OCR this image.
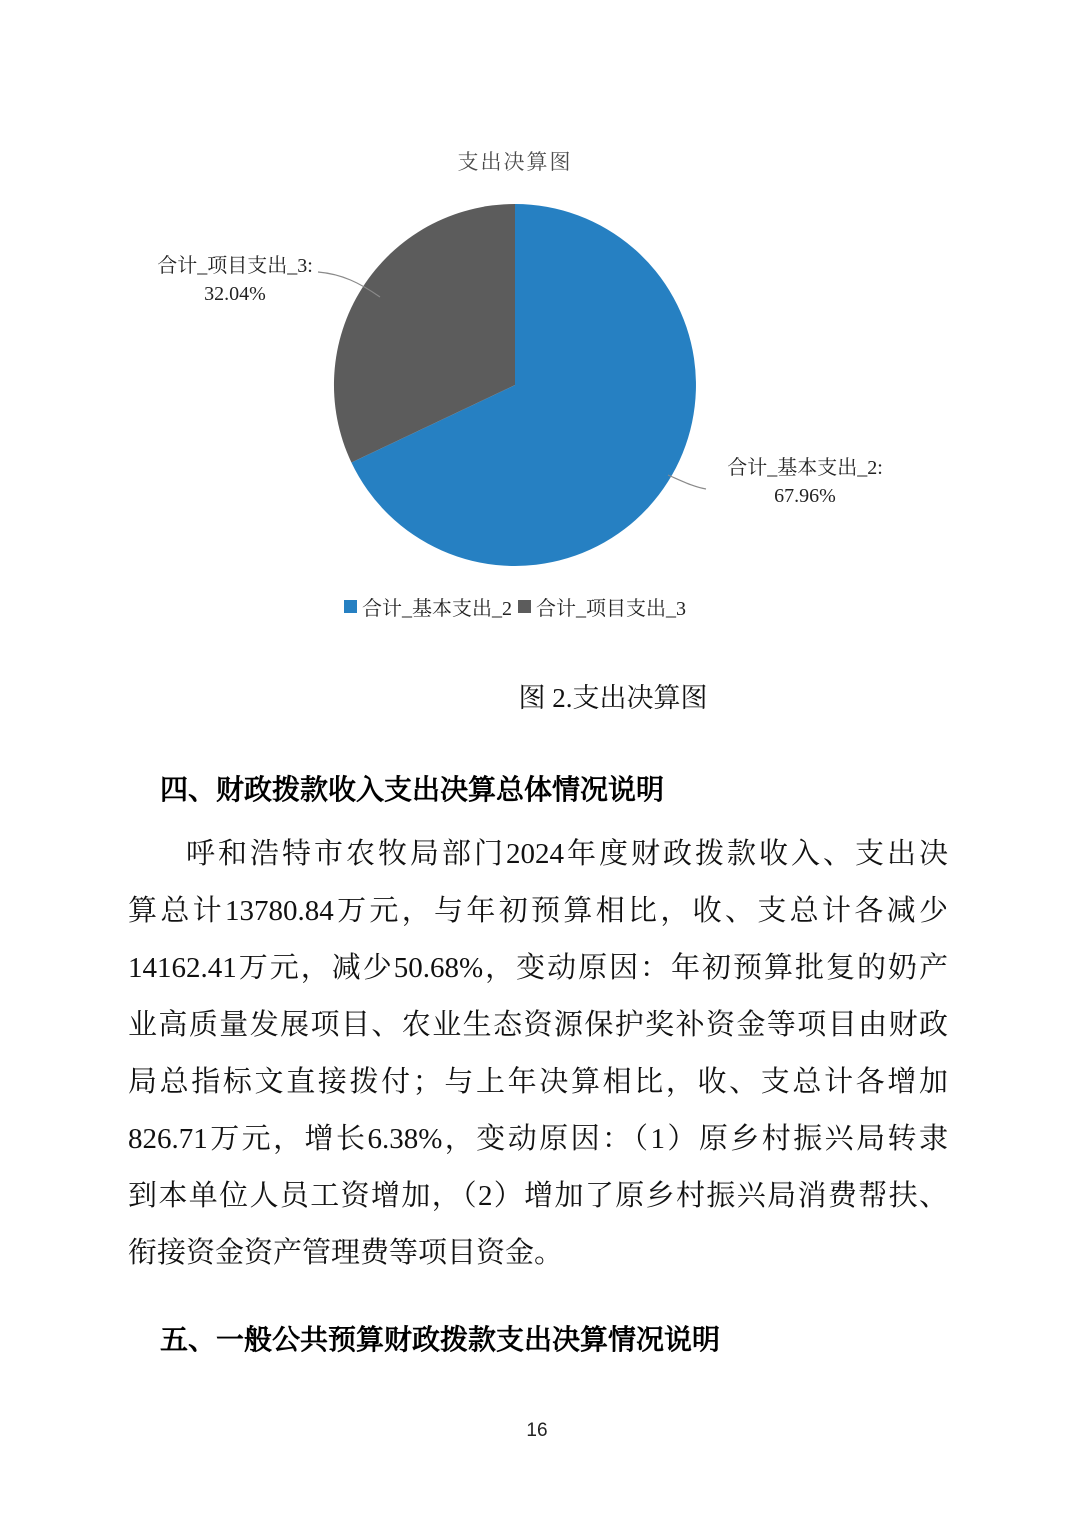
支出决算图
合计_项目支出_3:
32.04%
合计_基本支出_2:
67.96%
合计_基本支出_2 合计_项目支出_3
图 2.支出决算图
四、财政拨款收入支出决算总体情况说明
呼和浩特市农牧局部门2024年度财政拨款收入、支出决
算总计13780.84万元，与年初预算相比，收、支总计各减少
14162.41万元，减少50.68%，变动原因：年初预算批复的奶产
业高质量发展项目、农业生态资源保护奖补资金等项目由财政
局总指标文直接拨付；与上年决算相比，收、支总计各增加
826.71万元，增长6.38%，变动原因：（1）原乡村振兴局转隶
到本单位人员工资增加，（2）增加了原乡村振兴局消费帮扶、
衔接资金资产管理费等项目资金。
五、一般公共预算财政拨款支出决算情况说明
16
